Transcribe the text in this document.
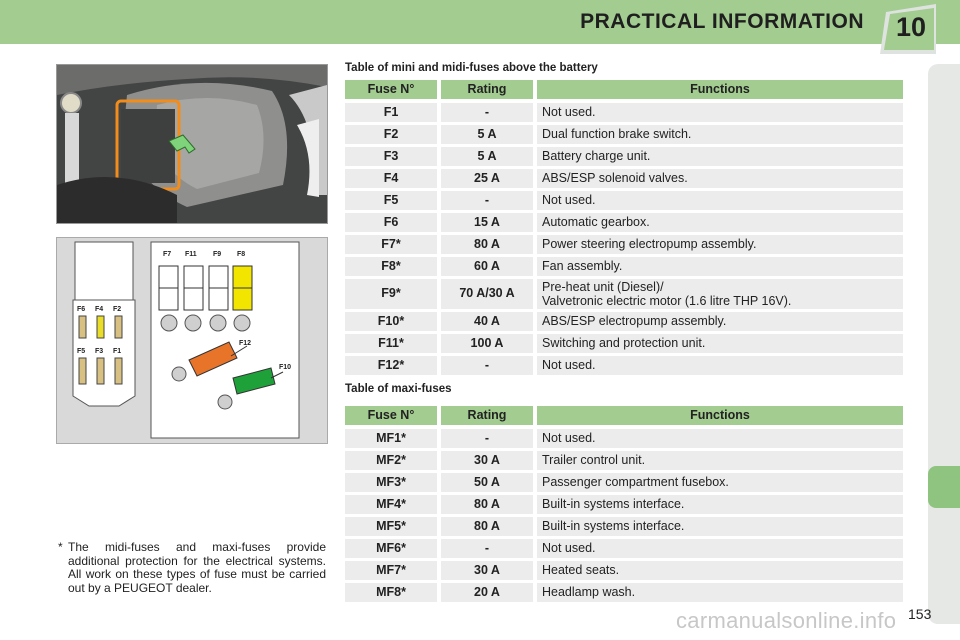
PRACTICAL INFORMATION	10
F7 F11 F9 F8
F6 F4 F2
F5 F3 F1
F12
F10
Table of mini and midi-fuses above the battery
Fuse N°	Rating	Functions
F1	-	Not used.
F2	5 A	Dual function brake switch.
F3	5 A	Battery charge unit.
F4	25 A	ABS/ESP solenoid valves.
F5	-	Not used.
F6	15 A	Automatic gearbox.
F7*	80 A	Power steering electropump assembly.
F8*	60 A	Fan assembly.
F9*	70 A/30 A	Pre-heat unit (Diesel)/
Valvetronic electric motor (1.6 litre THP 16V).
F10*	40 A	ABS/ESP electropump assembly.
F11*	100 A	Switching and protection unit.
F12*	-	Not used.
Table of maxi-fuses
Fuse N°	Rating	Functions
MF1*	-	Not used.
MF2*	30 A	Trailer control unit.
MF3*	50 A	Passenger compartment fusebox.
MF4*	80 A	Built-in systems interface.
MF5*	80 A	Built-in systems interface.
MF6*	-	Not used.
MF7*	30 A	Heated seats.
MF8*	20 A	Headlamp wash.
* The midi-fuses and maxi-fuses provide additional protection for the electrical systems. All work on these types of fuse must be carried out by a PEUGEOT dealer.
carmanualsonline.info 153
